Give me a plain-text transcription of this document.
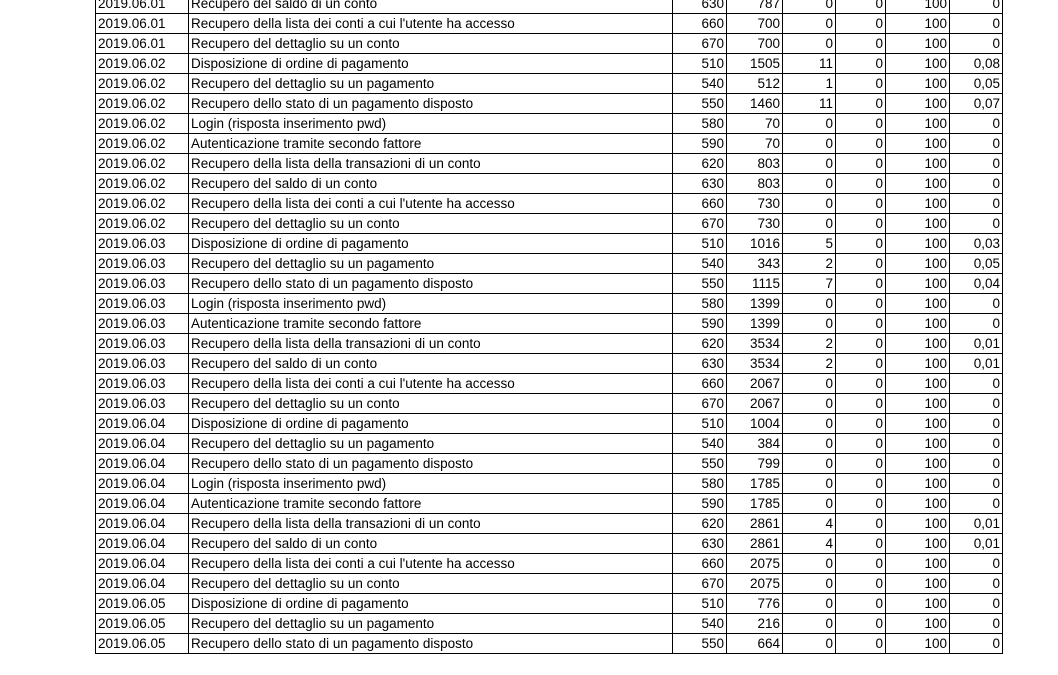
2019.06.01	Recupero del saldo di un conto	630	787	0	0	100	0
2019.06.01	Recupero della lista dei conti a cui l'utente ha accesso	660	700	0	0	100	0
2019.06.01	Recupero del dettaglio su un conto	670	700	0	0	100	0
2019.06.02	Disposizione di ordine di pagamento	510	1505	11	0	100	0,08
2019.06.02	Recupero del dettaglio su un pagamento	540	512	1	0	100	0,05
2019.06.02	Recupero dello stato di un pagamento disposto	550	1460	11	0	100	0,07
2019.06.02	Login (risposta inserimento pwd)	580	70	0	0	100	0
2019.06.02	Autenticazione tramite secondo fattore	590	70	0	0	100	0
2019.06.02	Recupero della lista della transazioni di un conto	620	803	0	0	100	0
2019.06.02	Recupero del saldo di un conto	630	803	0	0	100	0
2019.06.02	Recupero della lista dei conti a cui l'utente ha accesso	660	730	0	0	100	0
2019.06.02	Recupero del dettaglio su un conto	670	730	0	0	100	0
2019.06.03	Disposizione di ordine di pagamento	510	1016	5	0	100	0,03
2019.06.03	Recupero del dettaglio su un pagamento	540	343	2	0	100	0,05
2019.06.03	Recupero dello stato di un pagamento disposto	550	1115	7	0	100	0,04
2019.06.03	Login (risposta inserimento pwd)	580	1399	0	0	100	0
2019.06.03	Autenticazione tramite secondo fattore	590	1399	0	0	100	0
2019.06.03	Recupero della lista della transazioni di un conto	620	3534	2	0	100	0,01
2019.06.03	Recupero del saldo di un conto	630	3534	2	0	100	0,01
2019.06.03	Recupero della lista dei conti a cui l'utente ha accesso	660	2067	0	0	100	0
2019.06.03	Recupero del dettaglio su un conto	670	2067	0	0	100	0
2019.06.04	Disposizione di ordine di pagamento	510	1004	0	0	100	0
2019.06.04	Recupero del dettaglio su un pagamento	540	384	0	0	100	0
2019.06.04	Recupero dello stato di un pagamento disposto	550	799	0	0	100	0
2019.06.04	Login (risposta inserimento pwd)	580	1785	0	0	100	0
2019.06.04	Autenticazione tramite secondo fattore	590	1785	0	0	100	0
2019.06.04	Recupero della lista della transazioni di un conto	620	2861	4	0	100	0,01
2019.06.04	Recupero del saldo di un conto	630	2861	4	0	100	0,01
2019.06.04	Recupero della lista dei conti a cui l'utente ha accesso	660	2075	0	0	100	0
2019.06.04	Recupero del dettaglio su un conto	670	2075	0	0	100	0
2019.06.05	Disposizione di ordine di pagamento	510	776	0	0	100	0
2019.06.05	Recupero del dettaglio su un pagamento	540	216	0	0	100	0
2019.06.05	Recupero dello stato di un pagamento disposto	550	664	0	0	100	0
